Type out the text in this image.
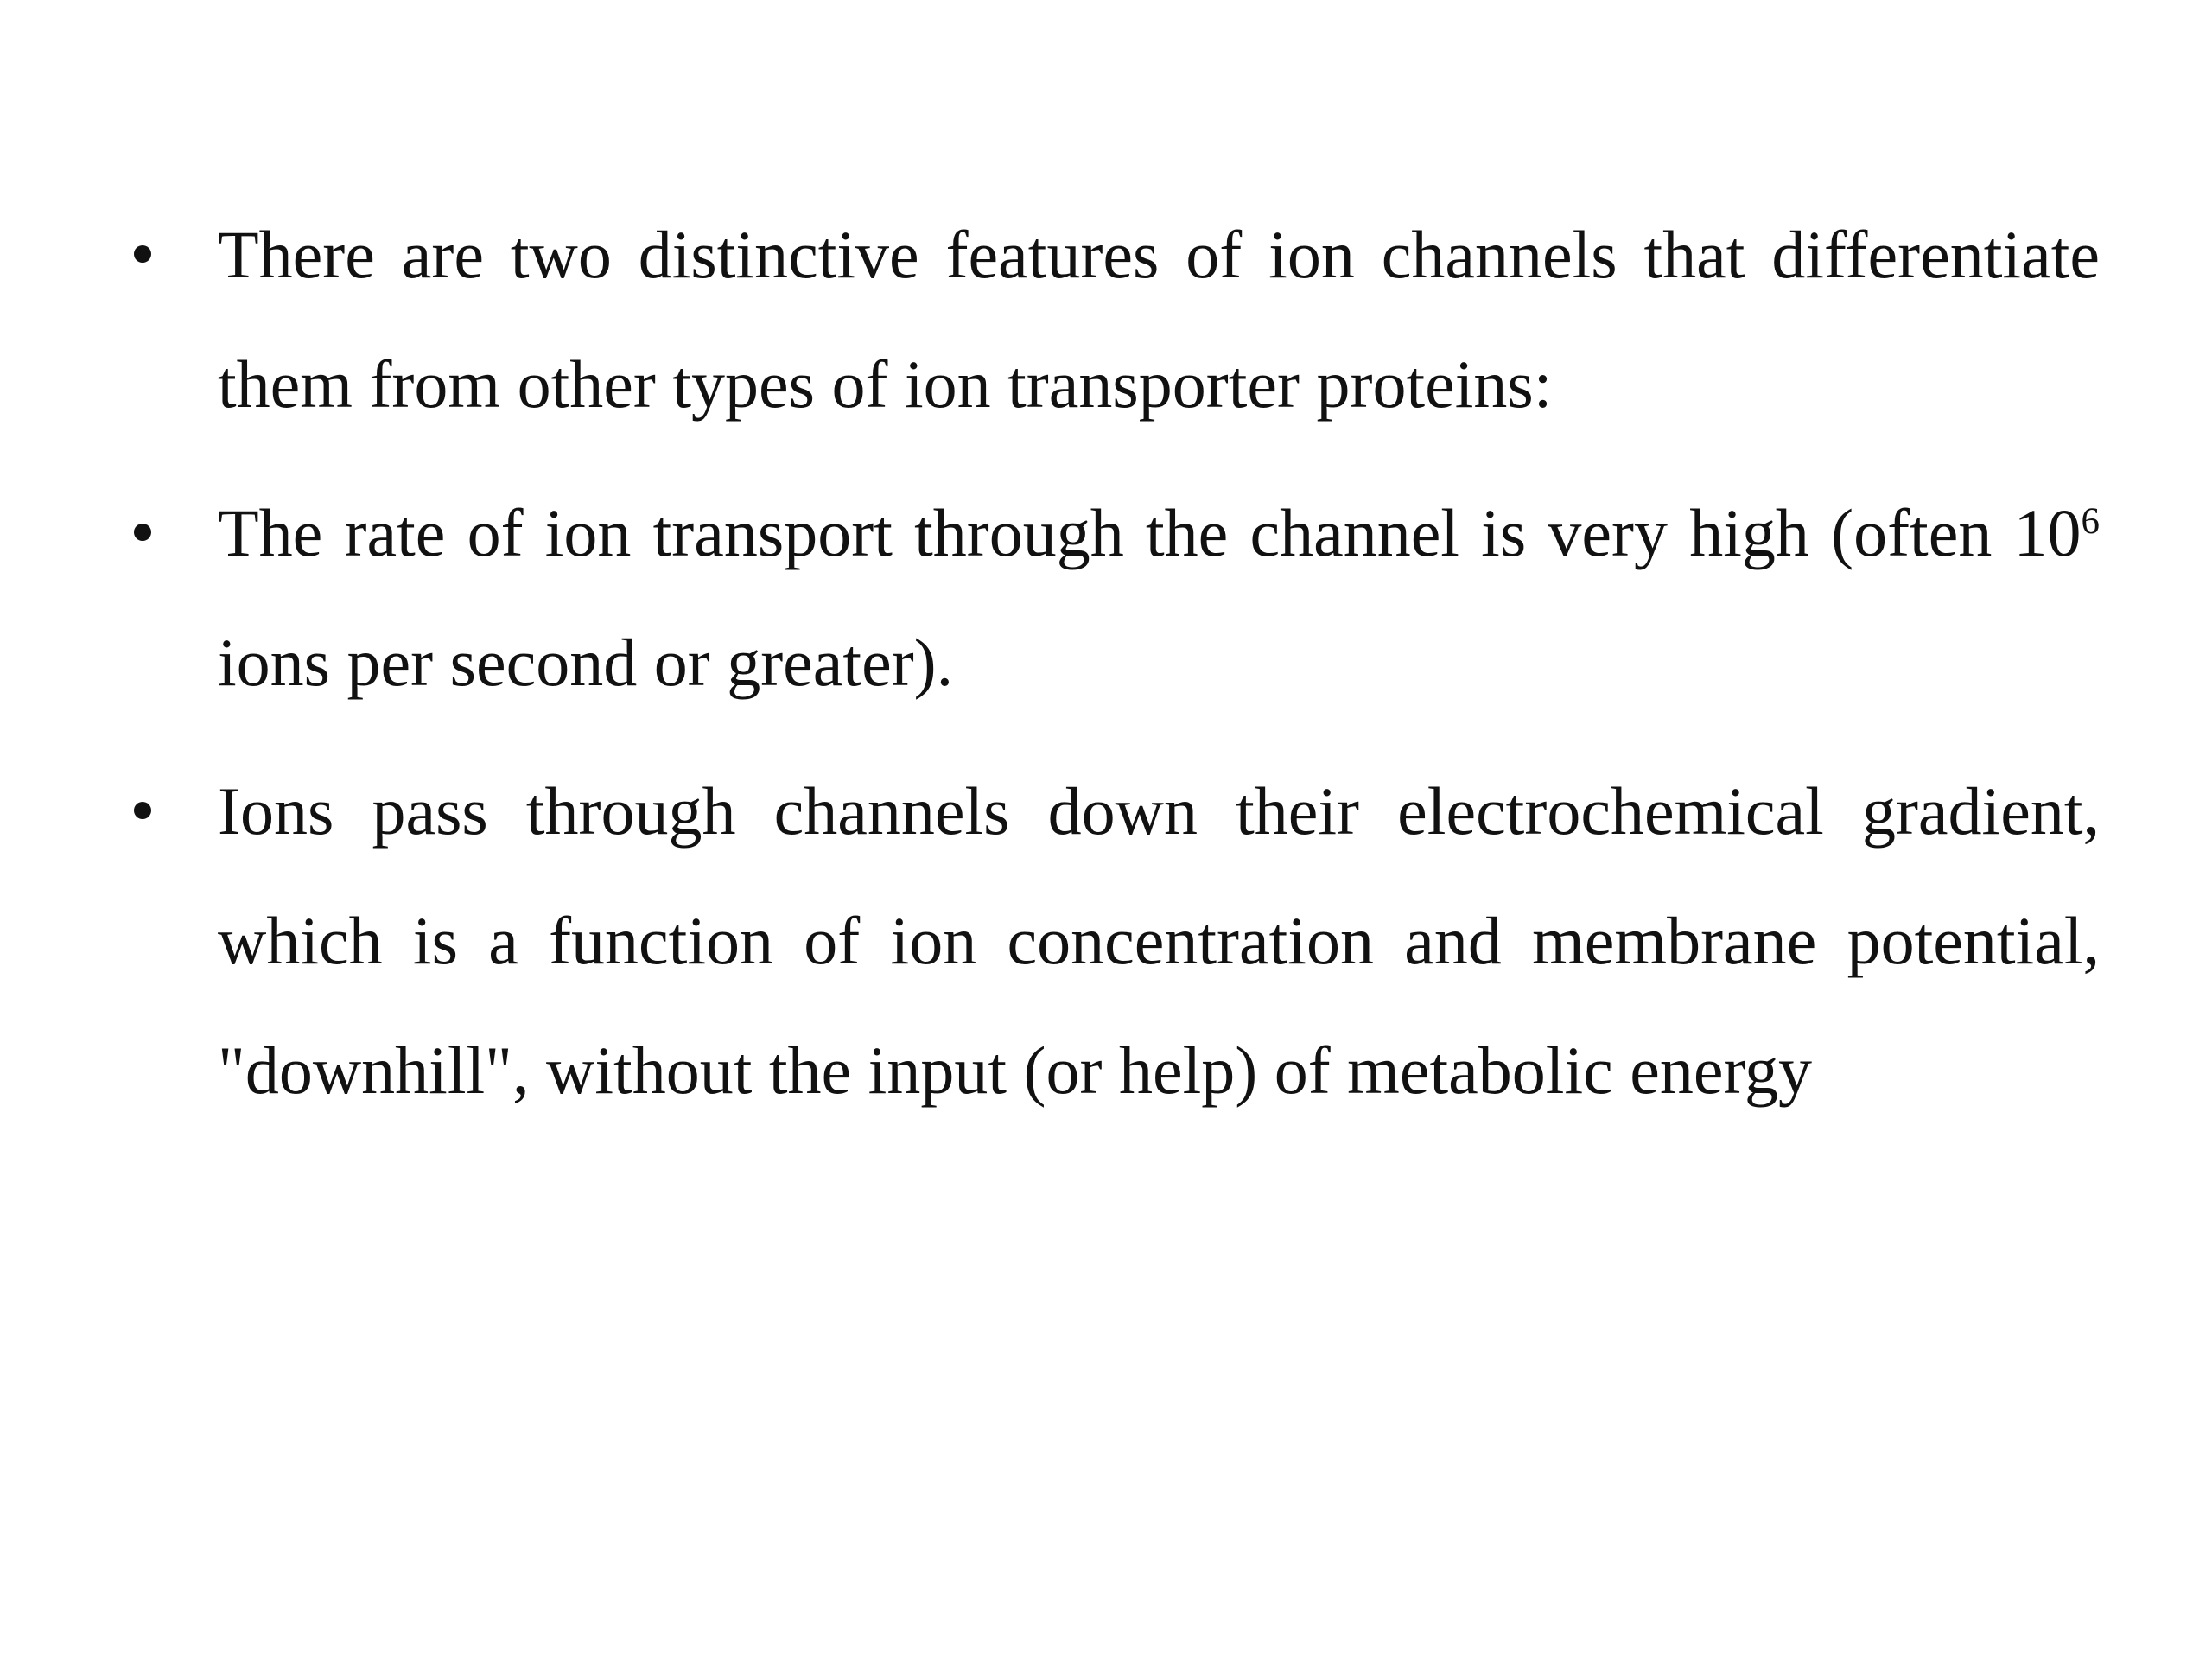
There are two distinctive features of ion channels that differentiate them from other types of ion transporter proteins:
The rate of ion transport through the channel is very high (often $10^6$ ions per second or greater).
Ions pass through channels down their electrochemical gradient, which is a function of ion concentration and membrane potential, "downhill", without the input (or help) of metabolic energy
